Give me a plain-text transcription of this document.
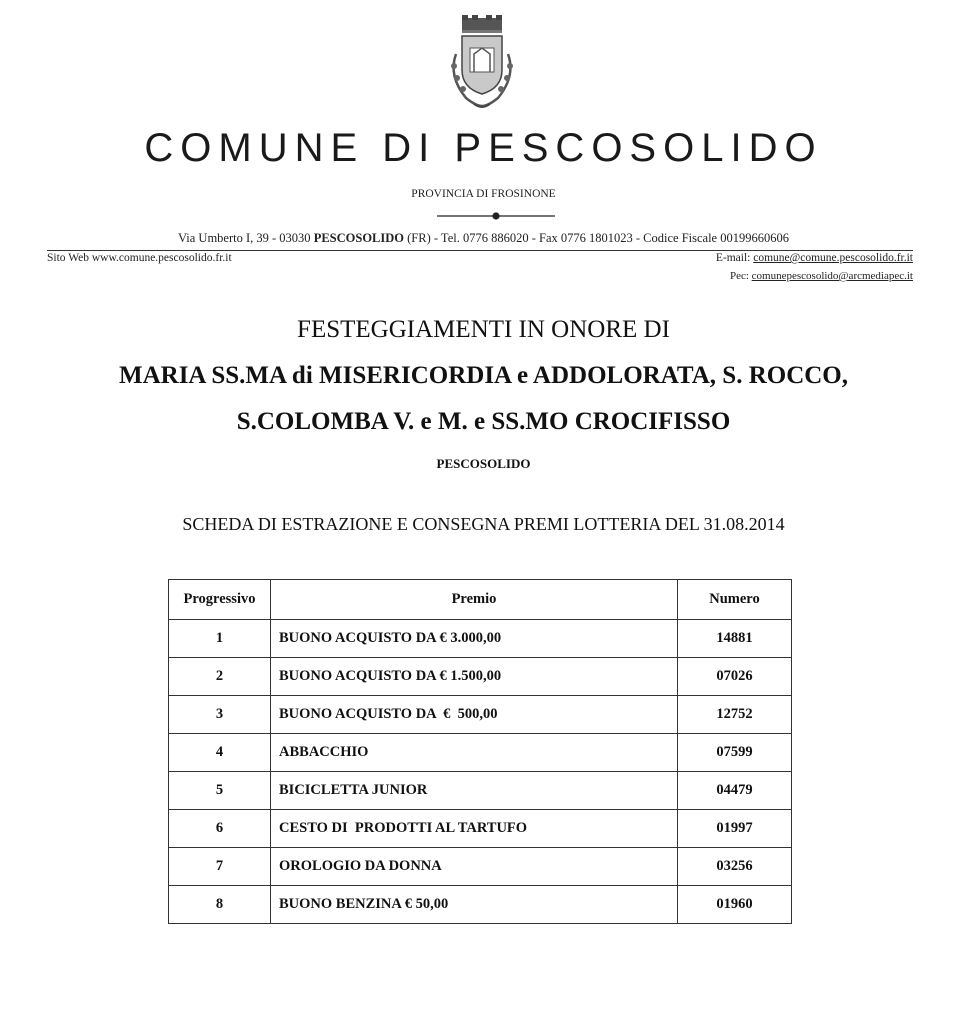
COMUNE DI PESCOSOLIDO
PROVINCIA DI FROSINONE
Via Umberto I, 39 - 03030 PESCOSOLIDO (FR) - Tel. 0776 886020 - Fax 0776 1801023 - Codice Fiscale 00199660606
Sito Web www.comune.pescosolido.fr.it	E-mail: comune@comune.pescosolido.fr.it
Pec: comunepescosolido@arcmediapec.it
FESTEGGIAMENTI IN ONORE DI
MARIA SS.MA di MISERICORDIA e ADDOLORATA, S. ROCCO,
S.COLOMBA V. e M. e SS.MO CROCIFISSO
PESCOSOLIDO
SCHEDA DI ESTRAZIONE E CONSEGNA PREMI LOTTERIA DEL 31.08.2014
Progressivo	Premio	Numero
1	BUONO ACQUISTO DA € 3.000,00	14881
2	BUONO ACQUISTO DA € 1.500,00	07026
3	BUONO ACQUISTO DA  €  500,00	12752
4	ABBACCHIO	07599
5	BICICLETTA JUNIOR	04479
6	CESTO DI  PRODOTTI AL TARTUFO	01997
7	OROLOGIO DA DONNA	03256
8	BUONO BENZINA € 50,00	01960
